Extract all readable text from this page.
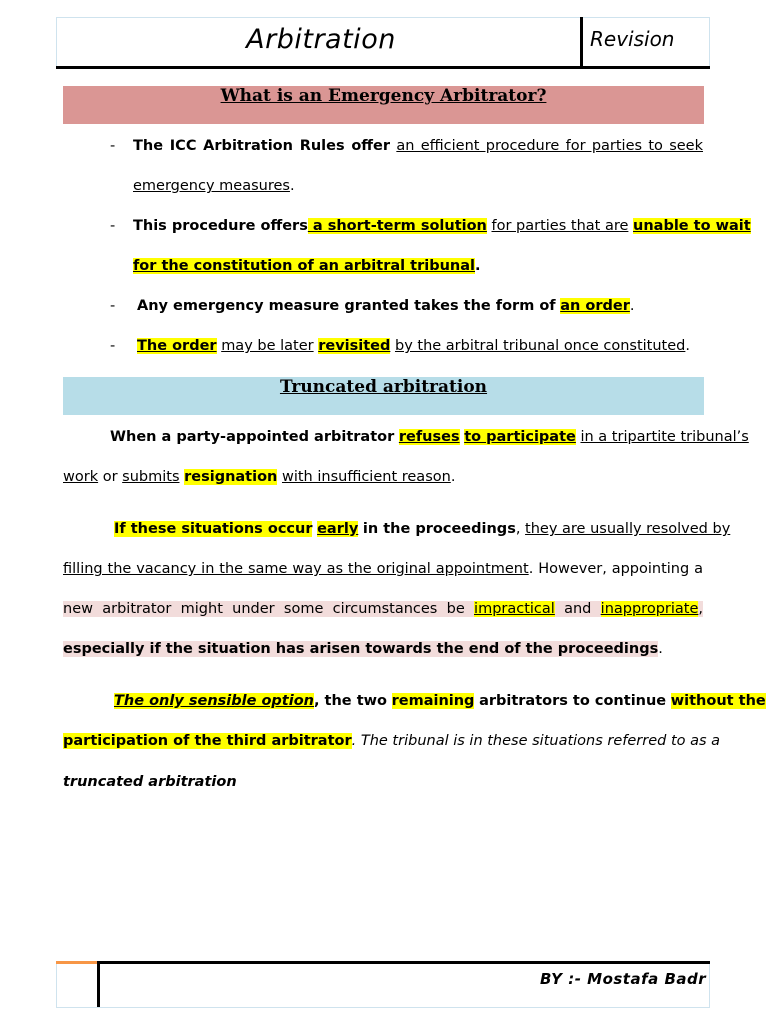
Arbitration	Revision
What is an Emergency Arbitrator?
- The ICC Arbitration Rules offer an efficient procedure for parties to seek
emergency measures.
- This procedure offers a short-term solution for parties that are unable to wait
for the constitution of an arbitral tribunal.
- Any emergency measure granted takes the form of an order.
- The order may be later revisited by the arbitral tribunal once constituted.
Truncated arbitration
When a party-appointed arbitrator refuses to participate in a tripartite tribunal’s
work or submits resignation with insufficient reason.
If these situations occur early in the proceedings, they are usually resolved by
filling the vacancy in the same way as the original appointment. However, appointing a
new arbitrator might under some circumstances be impractical and inappropriate,
especially if the situation has arisen towards the end of the proceedings.
The only sensible option, the two remaining arbitrators to continue without the
participation of the third arbitrator. The tribunal is in these situations referred to as a
truncated arbitration
BY :- Mostafa Badr
